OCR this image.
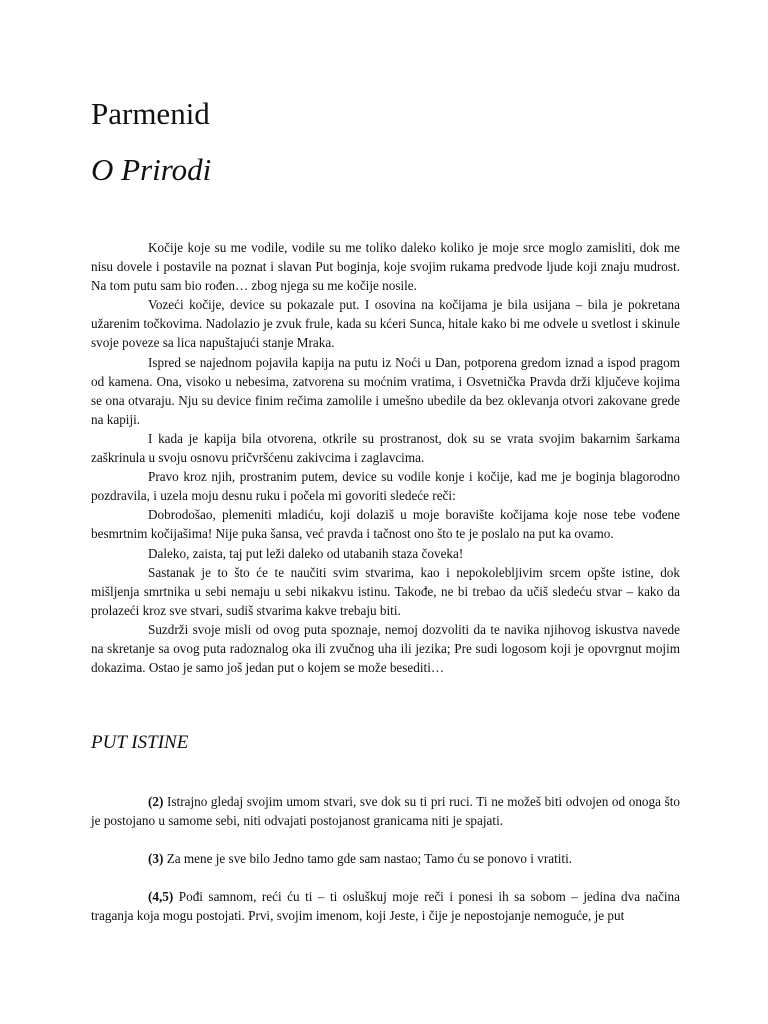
Parmenid
O Prirodi

Kočije koje su me vodile, vodile su me toliko daleko koliko je moje srce moglo zamisliti, dok me nisu dovele i postavile na poznat i slavan Put boginja, koje svojim rukama predvode ljude koji znaju mudrost. Na tom putu sam bio rođen… zbog njega su me kočije nosile.

Vozeći kočije, device su pokazale put. I osovina na kočijama je bila usijana – bila je pokretana užarenim točkovima. Nadolazio je zvuk frule, kada su kćeri Sunca, hitale kako bi me odvele u svetlost i skinule svoje poveze sa lica napuštajući stanje Mraka.

Ispred se najednom pojavila kapija na putu iz Noći u Dan, potporena gredom iznad a ispod pragom od kamena. Ona, visoko u nebesima, zatvorena su moćnim vratima, i Osvetnička Pravda drži ključeve kojima se ona otvaraju. Nju su device finim rečima zamolile i umešno ubedile da bez oklevanja otvori zakovane grede na kapiji.

I kada je kapija bila otvorena, otkrile su prostranost, dok su se vrata svojim bakarnim šarkama zaškrinula u svoju osnovu pričvršćenu zakivcima i zaglavcima.

Pravo kroz njih, prostranim putem, device su vodile konje i kočije, kad me je boginja blagorodno pozdravila, i uzela moju desnu ruku i počela mi govoriti sledeće reči:

Dobrodošao, plemeniti mladiću, koji dolaziš u moje boravište kočijama koje nose tebe vođene besmrtnim kočijašima! Nije puka šansa, već pravda i tačnost ono što te je poslalo na put ka ovamo.

Daleko, zaista, taj put leži daleko od utabanih staza čoveka!

Sastanak je to što će te naučiti svim stvarima, kao i nepokolebljivim srcem opšte istine, dok mišljenja smrtnika u sebi nemaju u sebi nikakvu istinu. Takođe, ne bi trebao da učiš sledeću stvar – kako da prolazeći kroz sve stvari, sudiš stvarima kakve trebaju biti.

Suzdrži svoje misli od ovog puta spoznaje, nemoj dozvoliti da te navika njihovog iskustva navede na skretanje sa ovog puta radoznalog oka ili zvučnog uha ili jezika; Pre sudi logosom koji je opovrgnut mojim dokazima. Ostao je samo još jedan put o kojem se može besediti…

PUT ISTINE

(2) Istrajno gledaj svojim umom stvari, sve dok su ti pri ruci. Ti ne možeš biti odvojen od onoga što je postojano u samome sebi, niti odvajati postojanost granicama niti je spajati.

(3) Za mene je sve bilo Jedno tamo gde sam nastao; Tamo ću se ponovo i vratiti.

(4,5) Pođi samnom, reći ću ti – ti osluškuj moje reči i ponesi ih sa sobom – jedina dva načina traganja koja mogu postojati. Prvi, svojim imenom, koji Jeste, i čije je nepostojanje nemoguće, je put
